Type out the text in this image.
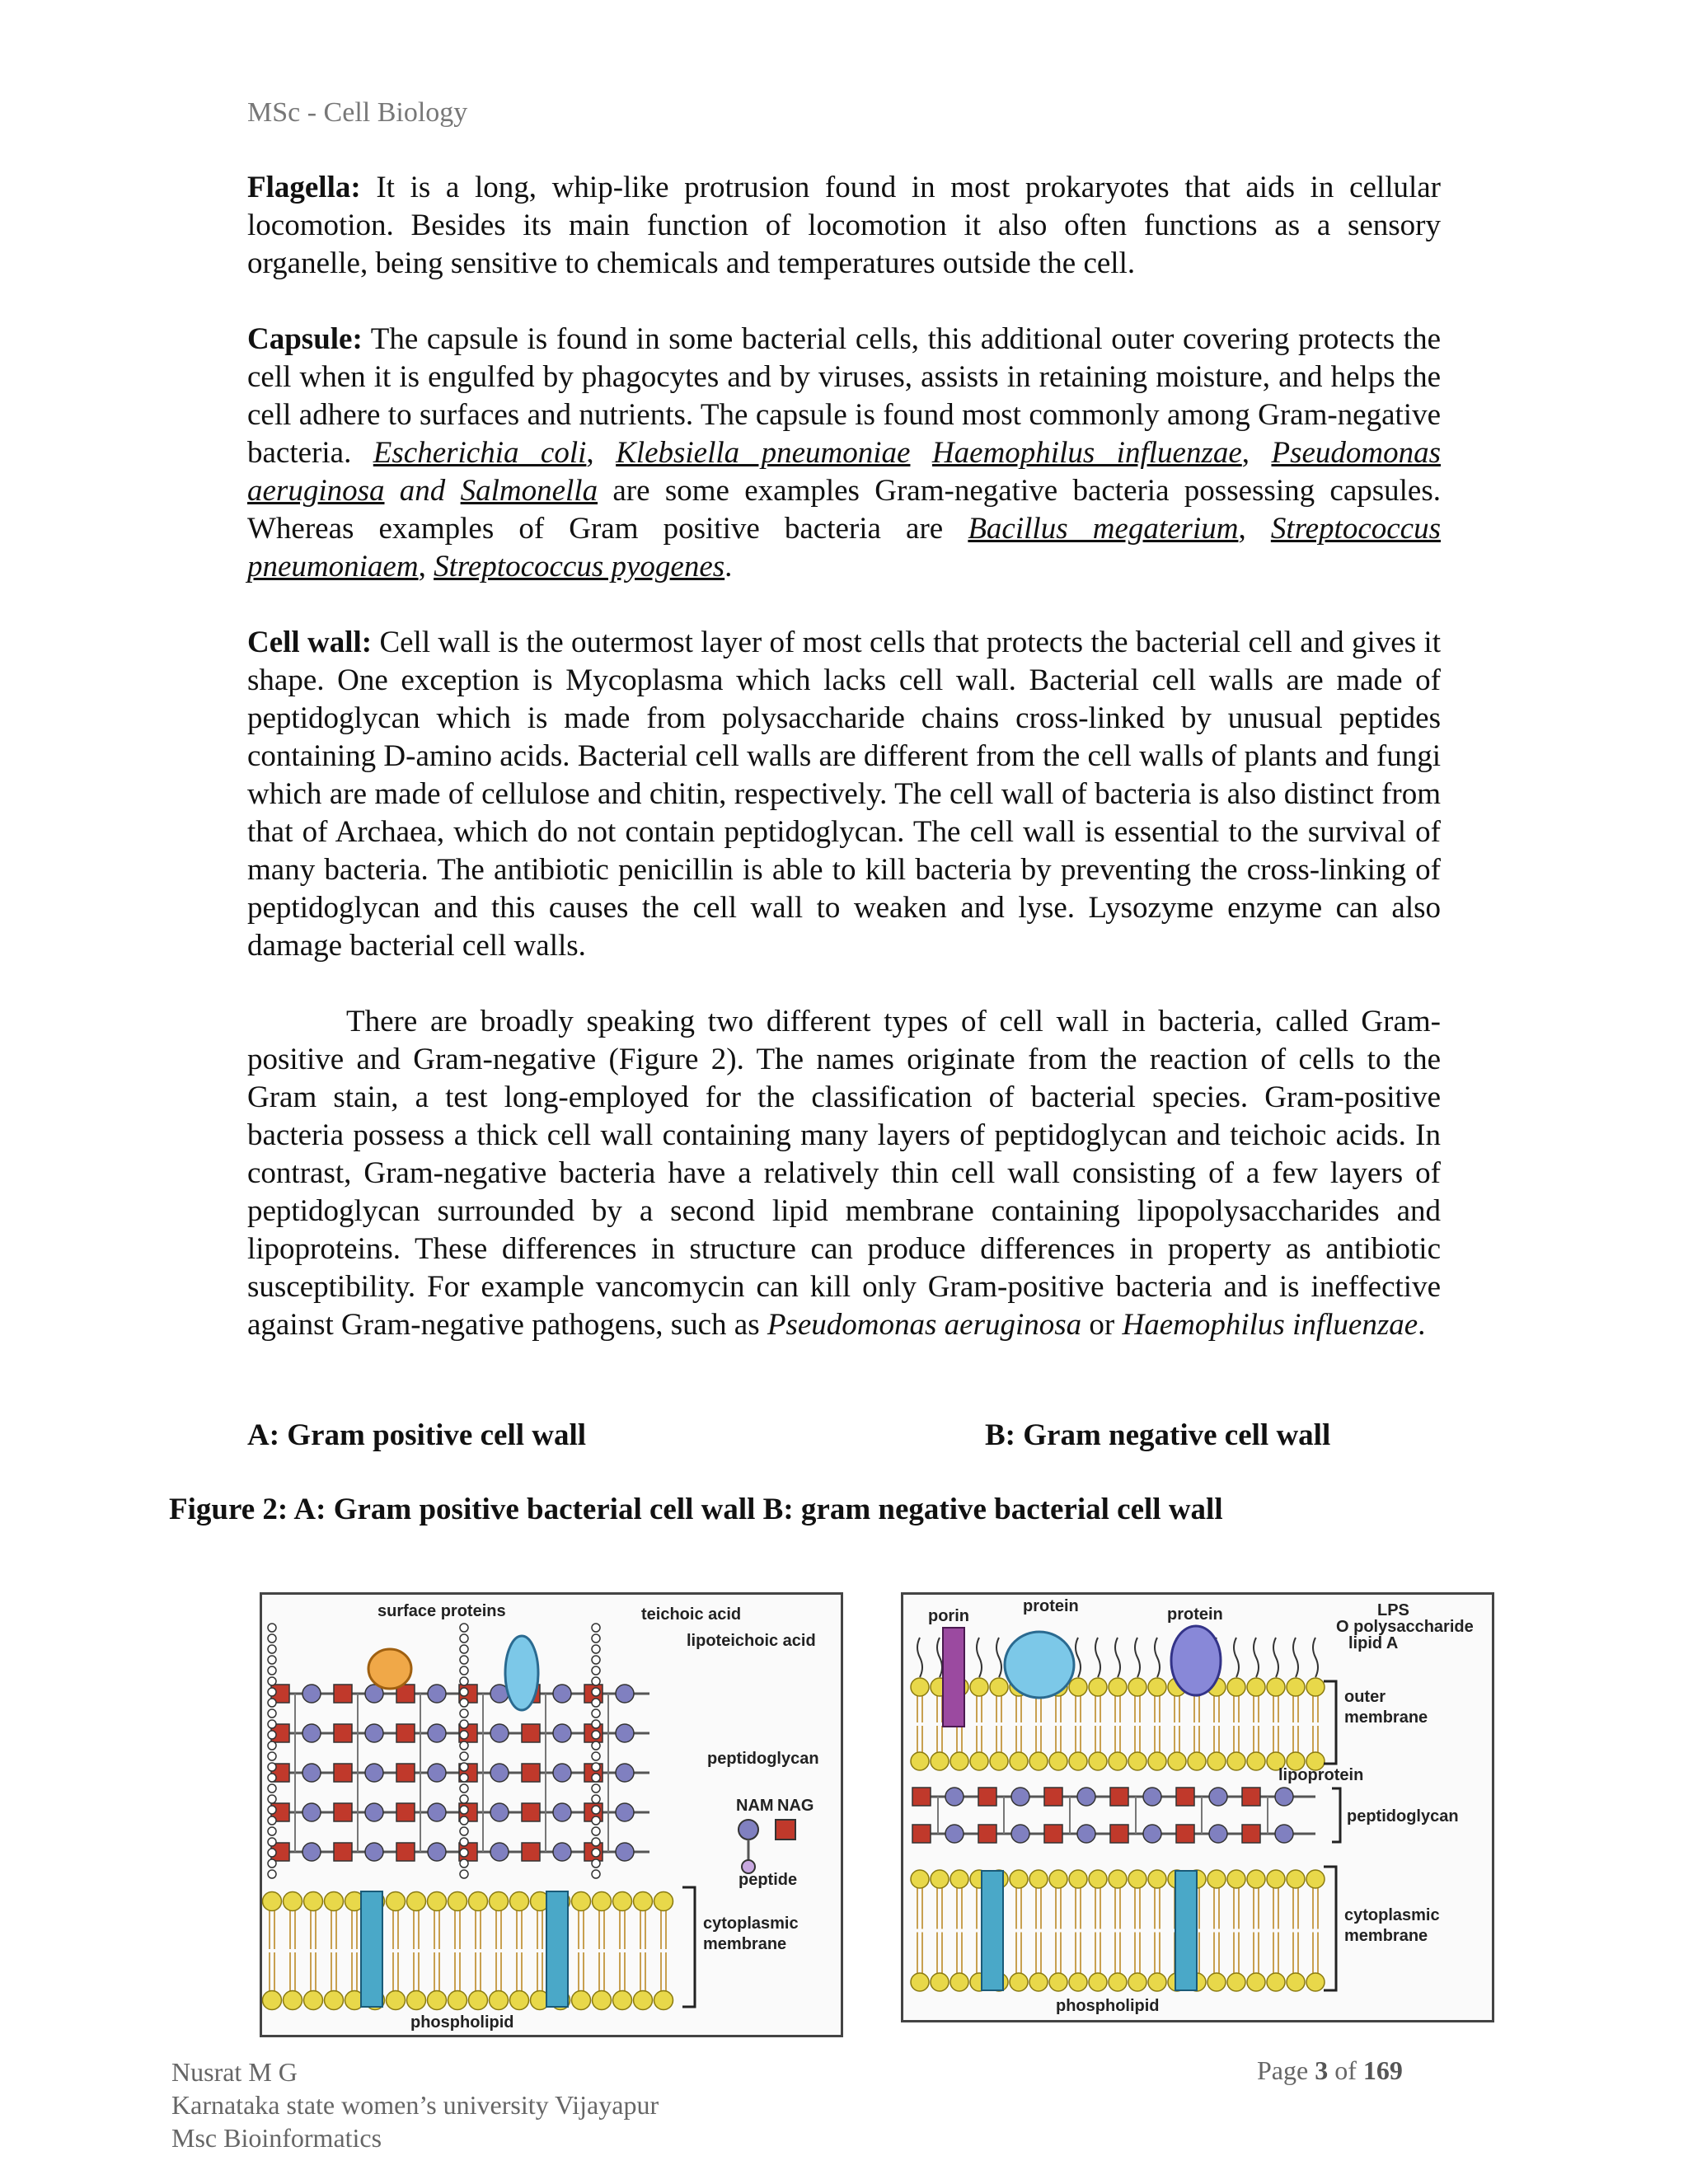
MSc - Cell Biology

Flagella: It is a long, whip-like protrusion found in most prokaryotes that aids in cellular locomotion. Besides its main function of locomotion it also often functions as a sensory organelle, being sensitive to chemicals and temperatures outside the cell.

Capsule: The capsule is found in some bacterial cells, this additional outer covering protects the cell when it is engulfed by phagocytes and by viruses, assists in retaining moisture, and helps the cell adhere to surfaces and nutrients. The capsule is found most commonly among Gram-negative bacteria. Escherichia coli, Klebsiella pneumoniae Haemophilus influenzae, Pseudomonas aeruginosa and Salmonella are some examples Gram-negative bacteria possessing capsules. Whereas examples of Gram positive bacteria are Bacillus megaterium, Streptococcus pneumoniaem, Streptococcus pyogenes.

Cell wall: Cell wall is the outermost layer of most cells that protects the bacterial cell and gives it shape. One exception is Mycoplasma which lacks cell wall. Bacterial cell walls are made of peptidoglycan which is made from polysaccharide chains cross-linked by unusual peptides containing D-amino acids. Bacterial cell walls are different from the cell walls of plants and fungi which are made of cellulose and chitin, respectively. The cell wall of bacteria is also distinct from that of Archaea, which do not contain peptidoglycan. The cell wall is essential to the survival of many bacteria. The antibiotic penicillin is able to kill bacteria by preventing the cross-linking of peptidoglycan and this causes the cell wall to weaken and lyse. Lysozyme enzyme can also damage bacterial cell walls.

There are broadly speaking two different types of cell wall in bacteria, called Gram-positive and Gram-negative (Figure 2). The names originate from the reaction of cells to the Gram stain, a test long-employed for the classification of bacterial species. Gram-positive bacteria possess a thick cell wall containing many layers of peptidoglycan and teichoic acids. In contrast, Gram-negative bacteria have a relatively thin cell wall consisting of a few layers of peptidoglycan surrounded by a second lipid membrane containing lipopolysaccharides and lipoproteins. These differences in structure can produce differences in property as antibiotic susceptibility. For example vancomycin can kill only Gram-positive bacteria and is ineffective against Gram-negative pathogens, such as Pseudomonas aeruginosa or Haemophilus influenzae.

A: Gram positive cell wall	B: Gram negative cell wall
Figure 2: A: Gram positive bacterial cell wall B: gram negative bacterial cell wall
surface proteins	teichoic acid
lipoteichoic acid
peptidoglycan
NAM NAG
peptide
cytoplasmic
membrane
phospholipid
porin
protein	protein	LPS
O polysaccharide
lipid A
outer
membrane
lipoprotein
peptidoglycan
cytoplasmic
membrane
phospholipid
Nusrat M G
Karnataka state women’s university Vijayapur
Msc Bioinformatics
Page 3 of 169
